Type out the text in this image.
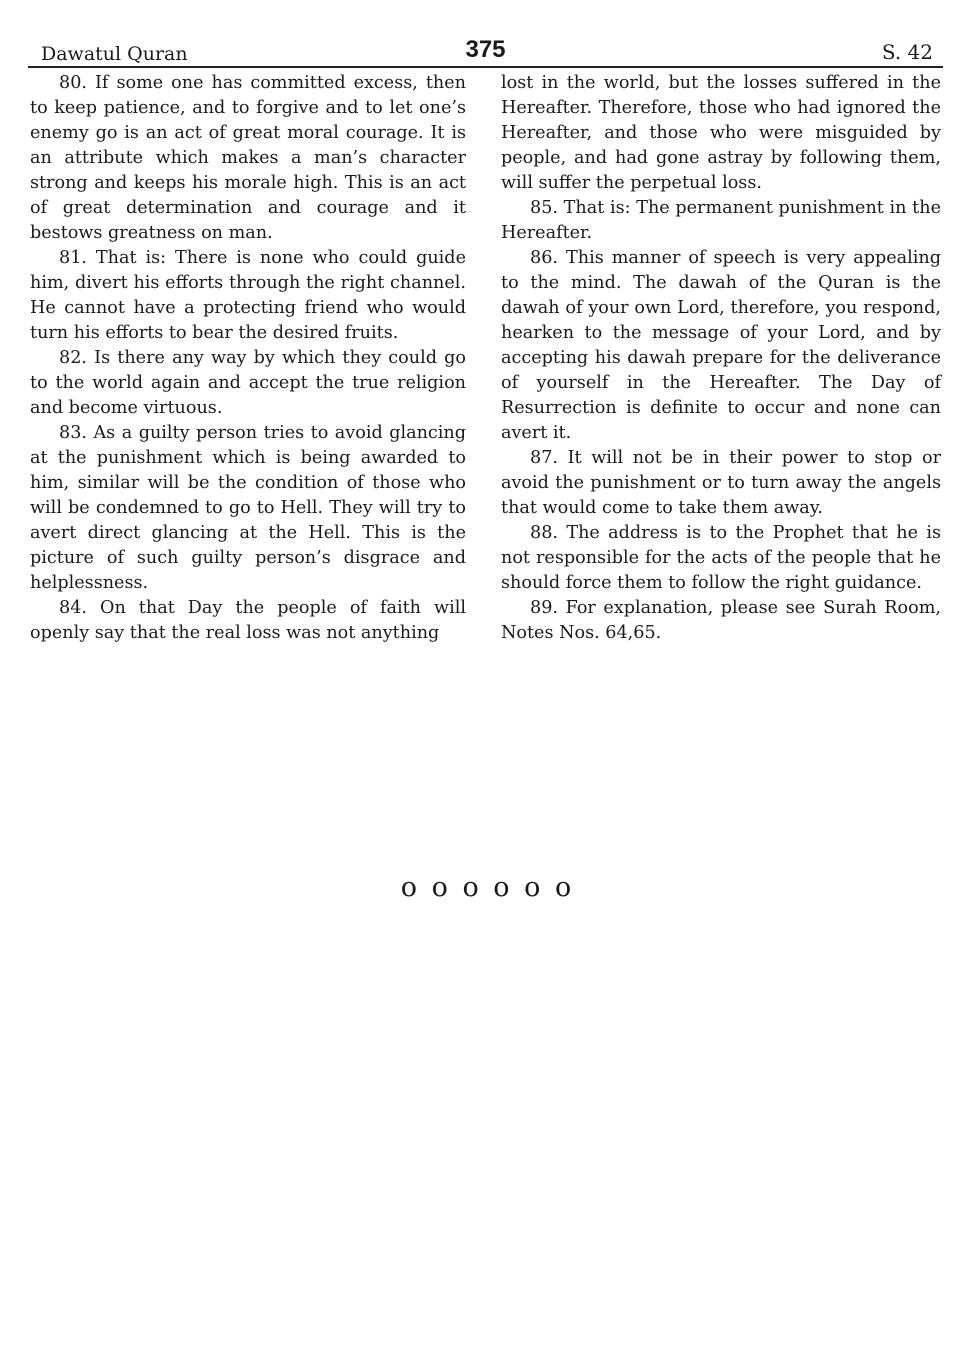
Dawatul Quran	375	S. 42

80. If some one has committed excess, then to keep patience, and to forgive and to let one’s enemy go is an act of great moral courage. It is an attribute which makes a man’s character strong and keeps his morale high. This is an act of great determination and courage and it bestows greatness on man.

81. That is: There is none who could guide him, divert his efforts through the right channel. He cannot have a protecting friend who would turn his efforts to bear the desired fruits.

82. Is there any way by which they could go to the world again and accept the true religion and become virtuous.

83. As a guilty person tries to avoid glancing at the punishment which is being awarded to him, similar will be the condition of those who will be condemned to go to Hell. They will try to avert direct glancing at the Hell. This is the picture of such guilty person’s disgrace and helplessness.

84. On that Day the people of faith will openly say that the real loss was not anything

lost in the world, but the losses suffered in the Hereafter. Therefore, those who had ignored the Hereafter, and those who were misguided by people, and had gone astray by following them, will suffer the perpetual loss.

85. That is: The permanent punishment in the Hereafter.

86. This manner of speech is very appealing to the mind. The dawah of the Quran is the dawah of your own Lord, therefore, you respond, hearken to the message of your Lord, and by accepting his dawah prepare for the deliverance of yourself in the Hereafter. The Day of Resurrection is definite to occur and none can avert it.

87. It will not be in their power to stop or avoid the punishment or to turn away the angels that would come to take them away.

88. The address is to the Prophet that he is not responsible for the acts of the people that he should force them to follow the right guidance.

89. For explanation, please see Surah Room, Notes Nos. 64,65.

o o o o o o
